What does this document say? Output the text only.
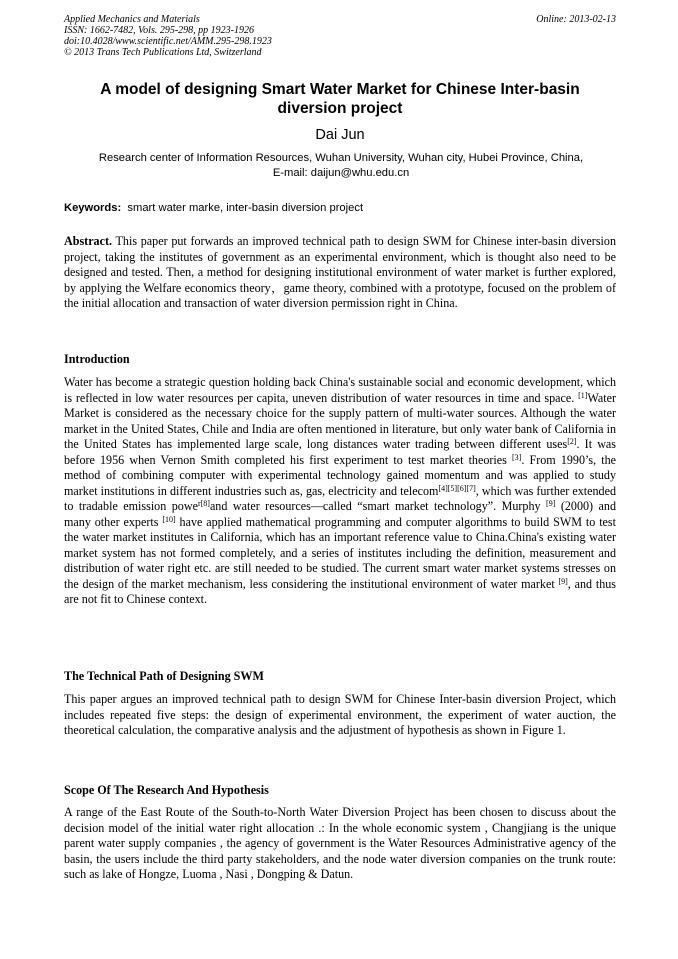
Applied Mechanics and Materials
ISSN: 1662-7482, Vols. 295-298, pp 1923-1926
doi:10.4028/www.scientific.net/AMM.295-298.1923
© 2013 Trans Tech Publications Ltd, Switzerland
Online: 2013-02-13
A model of designing Smart Water Market for Chinese Inter-basin diversion project
Dai Jun
Research center of Information Resources, Wuhan University, Wuhan city, Hubei Province, China,
E-mail: daijun@whu.edu.cn
Keywords: smart water marke, inter-basin diversion project
Abstract. This paper put forwards an improved technical path to design SWM for Chinese inter-basin diversion project, taking the institutes of government as an experimental environment, which is thought also need to be designed and tested. Then, a method for designing institutional environment of water market is further explored, by applying the Welfare economics theory，game theory, combined with a prototype, focused on the problem of the initial allocation and transaction of water diversion permission right in China.
Introduction
Water has become a strategic question holding back China's sustainable social and economic development, which is reflected in low water resources per capita, uneven distribution of water resources in time and space. [1]Water Market is considered as the necessary choice for the supply pattern of multi-water sources. Although the water market in the United States, Chile and India are often mentioned in literature, but only water bank of California in the United States has implemented large scale, long distances water trading between different uses[2]. It was before 1956 when Vernon Smith completed his first experiment to test market theories [3]. From 1990’s, the method of combining computer with experimental technology gained momentum and was applied to study market institutions in different industries such as, gas, electricity and telecom[4][5][6][7], which was further extended to tradable emission powe$^{r[8]}$and water resources—called “smart market technology”. Murphy [9] (2000) and many other experts [10] have applied mathematical programming and computer algorithms to build SWM to test the water market institutes in California, which has an important reference value to China.China's existing water market system has not formed completely, and a series of institutes including the definition, measurement and distribution of water right etc. are still needed to be studied. The current smart water market systems stresses on the design of the market mechanism, less considering the institutional environment of water market [9], and thus are not fit to Chinese context.
The Technical Path of Designing SWM
This paper argues an improved technical path to design SWM for Chinese Inter-basin diversion Project, which includes repeated five steps: the design of experimental environment, the experiment of water auction, the theoretical calculation, the comparative analysis and the adjustment of hypothesis as shown in Figure 1.
Scope Of The Research And Hypothesis
A range of the East Route of the South-to-North Water Diversion Project has been chosen to discuss about the decision model of the initial water right allocation .: In the whole economic system , Changjiang is the unique parent water supply companies , the agency of government is the Water Resources Administrative agency of the basin, the users include the third party stakeholders, and the node water diversion companies on the trunk route: such as lake of Hongze, Luoma , Nasi , Dongping & Datun.
